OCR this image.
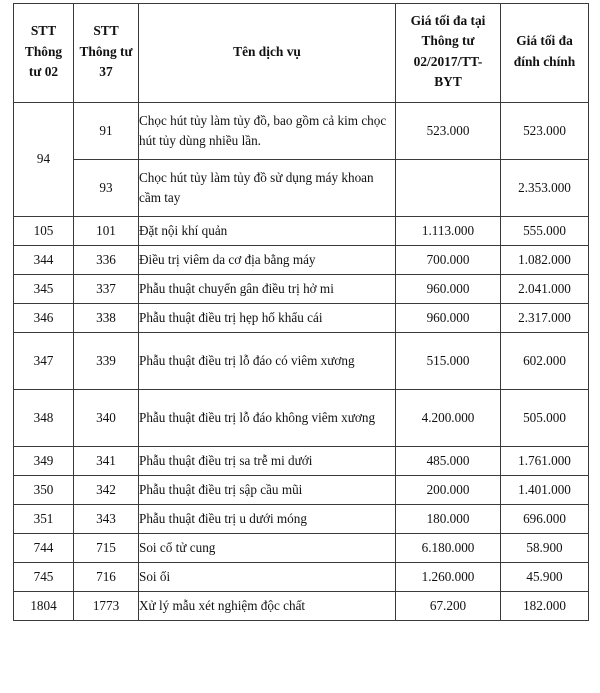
STT Thông tư 02	STT Thông tư 37	Tên dịch vụ	Giá tối đa tại Thông tư 02/2017/TT-BYT	Giá tối đa đính chính
94	91	Chọc hút tủy làm tủy đồ, bao gồm cả kim chọc hút tủy dùng nhiều lần.	523.000	523.000
	93	Chọc hút tủy làm tủy đồ sử dụng máy khoan cầm tay		2.353.000
105	101	Đặt nội khí quản	1.113.000	555.000
344	336	Điều trị viêm da cơ địa bằng máy	700.000	1.082.000
345	337	Phẫu thuật chuyển gân điều trị hở mi	960.000	2.041.000
346	338	Phẫu thuật điều trị hẹp hố khẩu cái	960.000	2.317.000
347	339	Phẫu thuật điều trị lỗ đáo có viêm xương	515.000	602.000
348	340	Phẫu thuật điều trị lỗ đáo không viêm xương	4.200.000	505.000
349	341	Phẫu thuật điều trị sa trễ mi dưới	485.000	1.761.000
350	342	Phẫu thuật điều trị sập cầu mũi	200.000	1.401.000
351	343	Phẫu thuật điều trị u dưới móng	180.000	696.000
744	715	Soi cổ tử cung	6.180.000	58.900
745	716	Soi ối	1.260.000	45.900
1804	1773	Xử lý mẫu xét nghiệm độc chất	67.200	182.000
